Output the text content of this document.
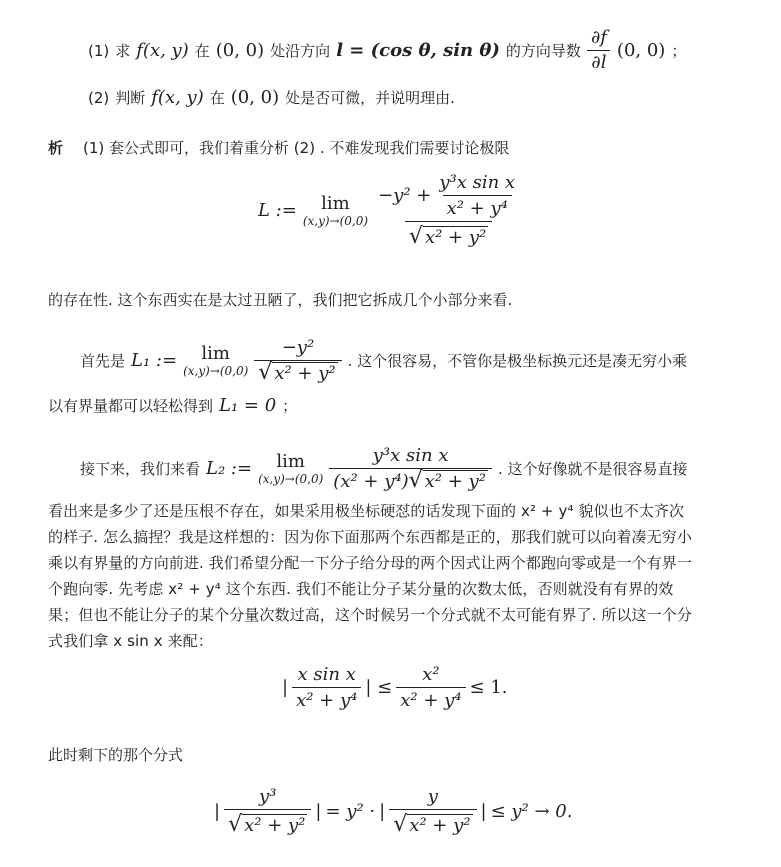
(1) 求 f(x, y) 在 (0, 0) 处沿方向 l = (cos θ, sin θ) 的方向导数 $\frac{\partial f}{\partial l} (0$, 0) ；
(2) 判断 f(x, y) 在 (0, 0) 处是否可微，并说明理由.
析 (1) 套公式即可，我们着重分析 (2) . 不难发现我们需要讨论极限
L := lim
$(x,y)\to(0,0) \frac{-y^2 + \frac{\text{y³x sin x}}{\text{x² + y⁴}}}{\text{√ x² + y²}}$
的存在性. 这个东西实在是太过丑陋了，我们把它拆成几个小部分来看.
首先是 L₁ := lim
$(x,y)\to(0,0) \frac{\text{−y²}}{\text{√ x² + y²}}$ . 这个很容易，不管你是极坐标换元还是凑无穷小乘
以有界量都可以轻松得到 L₁ = 0 ；
接下来，我们来看 L₂ := lim
$(x,y)\to(0,0) \frac{\text{y³x sin x}}{\text{(x² + y⁴) √ x² + y²}}$ . 这个好像就不是很容易直接
看出来是多少了还是压根不存在，如果采用极坐标硬怼的话发现下面的 x² + y⁴ 貌似也不太齐次
的样子. 怎么搞捏？我是这样想的：因为你下面那两个东西都是正的，那我们就可以向着凑无穷小
乘以有界量的方向前进. 我们希望分配一下分子给分母的两个因式让两个都跑向零或是一个有界一
个跑向零. 先考虑 x² + y⁴ 这个东西. 我们不能让分子某分量的次数太低，否则就没有有界的效
果；但也不能让分子的某个分量次数过高，这个时候另一个分式就不太可能有界了. 所以这一个分
式我们拿 x sin x 来配：
| $\frac{\text{x sin x}}{\text{x² + y⁴}}$ | ≤ $\frac{\text{x²}}{\text{x² + y⁴}} \le 1$.
此时剩下的那个分式
| $\frac{\text{y³}}{\text{√ x² + y²}}$ | = y² · | $\frac{y}{\text{√ x² + y²}}$ | ≤ y² → 0.
